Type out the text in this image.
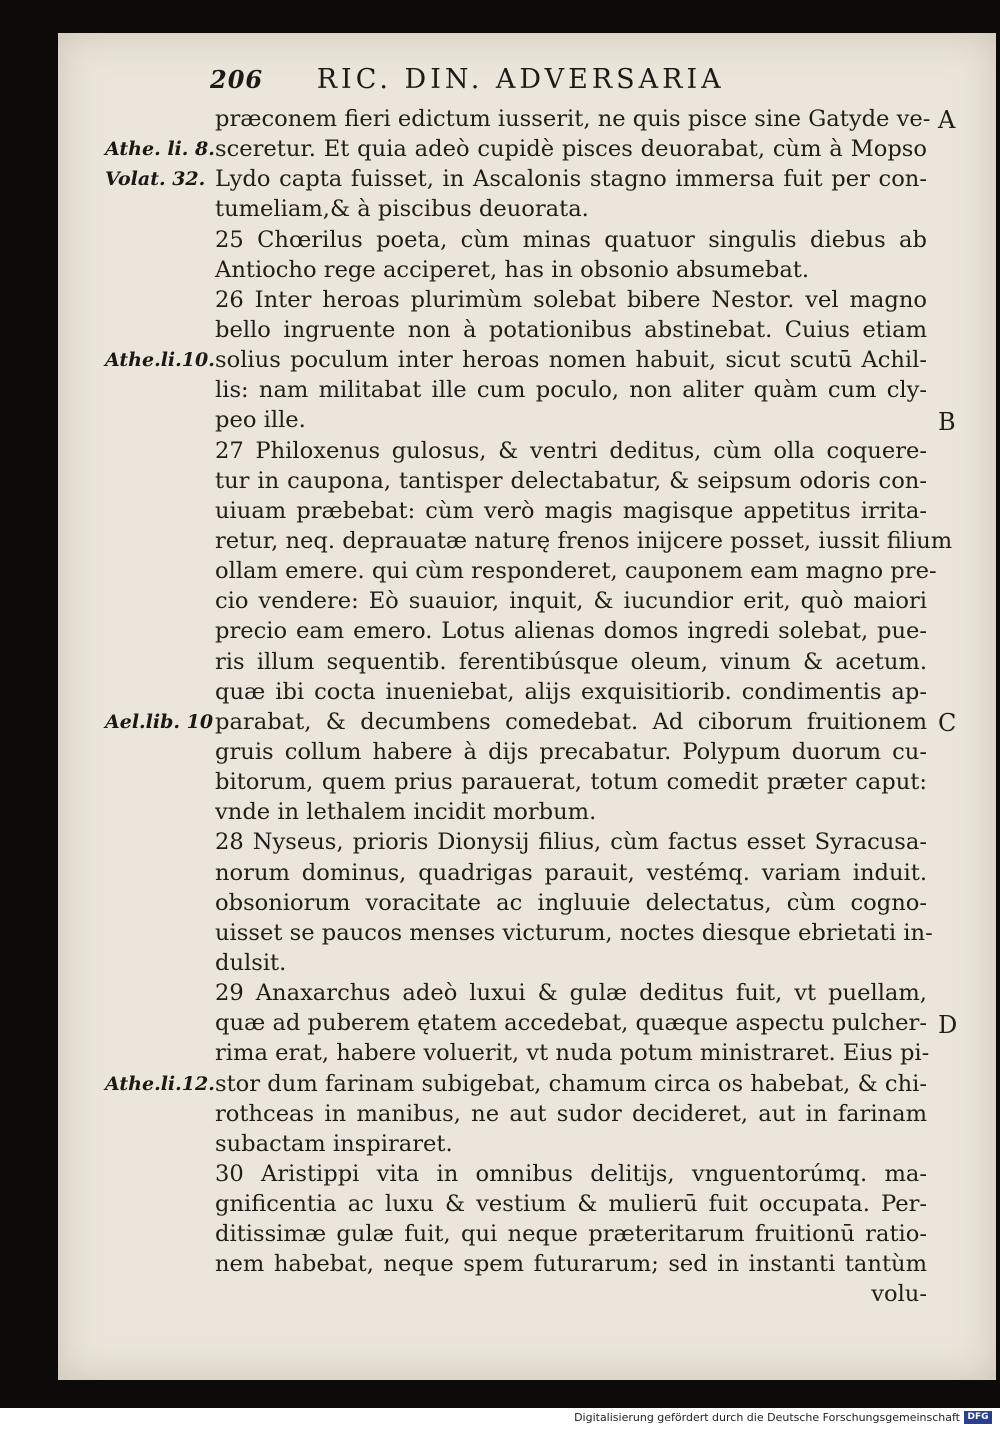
206 RIC. DIN. ADVERSARIA
præconem fieri edictum iusserit, ne quis pisce sine Gatyde ve-
sceretur. Et quia adeò cupidè pisces deuorabat, cùm à Mopso
Lydo capta fuisset, in Ascalonis stagno immersa fuit per con-
tumeliam,& à piscibus deuorata.
25 Chœrilus poeta, cùm minas quatuor singulis diebus ab
Antiocho rege acciperet, has in obsonio absumebat.
26 Inter heroas plurimùm solebat bibere Nestor. vel magno
bello ingruente non à potationibus abstinebat. Cuius etiam
solius poculum inter heroas nomen habuit, sicut scutū Achil-
lis: nam militabat ille cum poculo, non aliter quàm cum cly-
peo ille.
27 Philoxenus gulosus, & ventri deditus, cùm olla coquere-
tur in caupona, tantisper delectabatur, & seipsum odoris con-
uiuam præbebat: cùm verò magis magisque appetitus irrita-
retur, neq. deprauatæ naturę frenos inijcere posset, iussit filium
ollam emere. qui cùm responderet, cauponem eam magno pre-
cio vendere: Eò suauior, inquit, & iucundior erit, quò maiori
precio eam emero. Lotus alienas domos ingredi solebat, pue-
ris illum sequentib. ferentibúsque oleum, vinum & acetum.
quæ ibi cocta inueniebat, alijs exquisitiorib. condimentis ap-
parabat, & decumbens comedebat. Ad ciborum fruitionem
gruis collum habere à dijs precabatur. Polypum duorum cu-
bitorum, quem prius parauerat, totum comedit præter caput:
vnde in lethalem incidit morbum.
28 Nyseus, prioris Dionysij filius, cùm factus esset Syracusa-
norum dominus, quadrigas parauit, vestémq. variam induit.
obsoniorum voracitate ac ingluuie delectatus, cùm cogno-
uisset se paucos menses victurum, noctes diesque ebrietati in-
dulsit.
29 Anaxarchus adeò luxui & gulæ deditus fuit, vt puellam,
quæ ad puberem ętatem accedebat, quæque aspectu pulcher-
rima erat, habere voluerit, vt nuda potum ministraret. Eius pi-
stor dum farinam subigebat, chamum circa os habebat, & chi-
rothceas in manibus, ne aut sudor decideret, aut in farinam
subactam inspiraret.
30 Aristippi vita in omnibus delitijs, vnguentorúmq. ma-
gnificentia ac luxu & vestium & mulierū fuit occupata. Per-
ditissimæ gulæ fuit, qui neque præteritarum fruitionū ratio-
nem habebat, neque spem futurarum; sed in instanti tantùm
volu-
Athe. li. 8.
Volat. 32.
Athe.li.10.
Ael.lib. 10
Athe.li.12.
A
B
C
D
Digitalisierung gefördert durch die Deutsche Forschungsgemeinschaft DFG
